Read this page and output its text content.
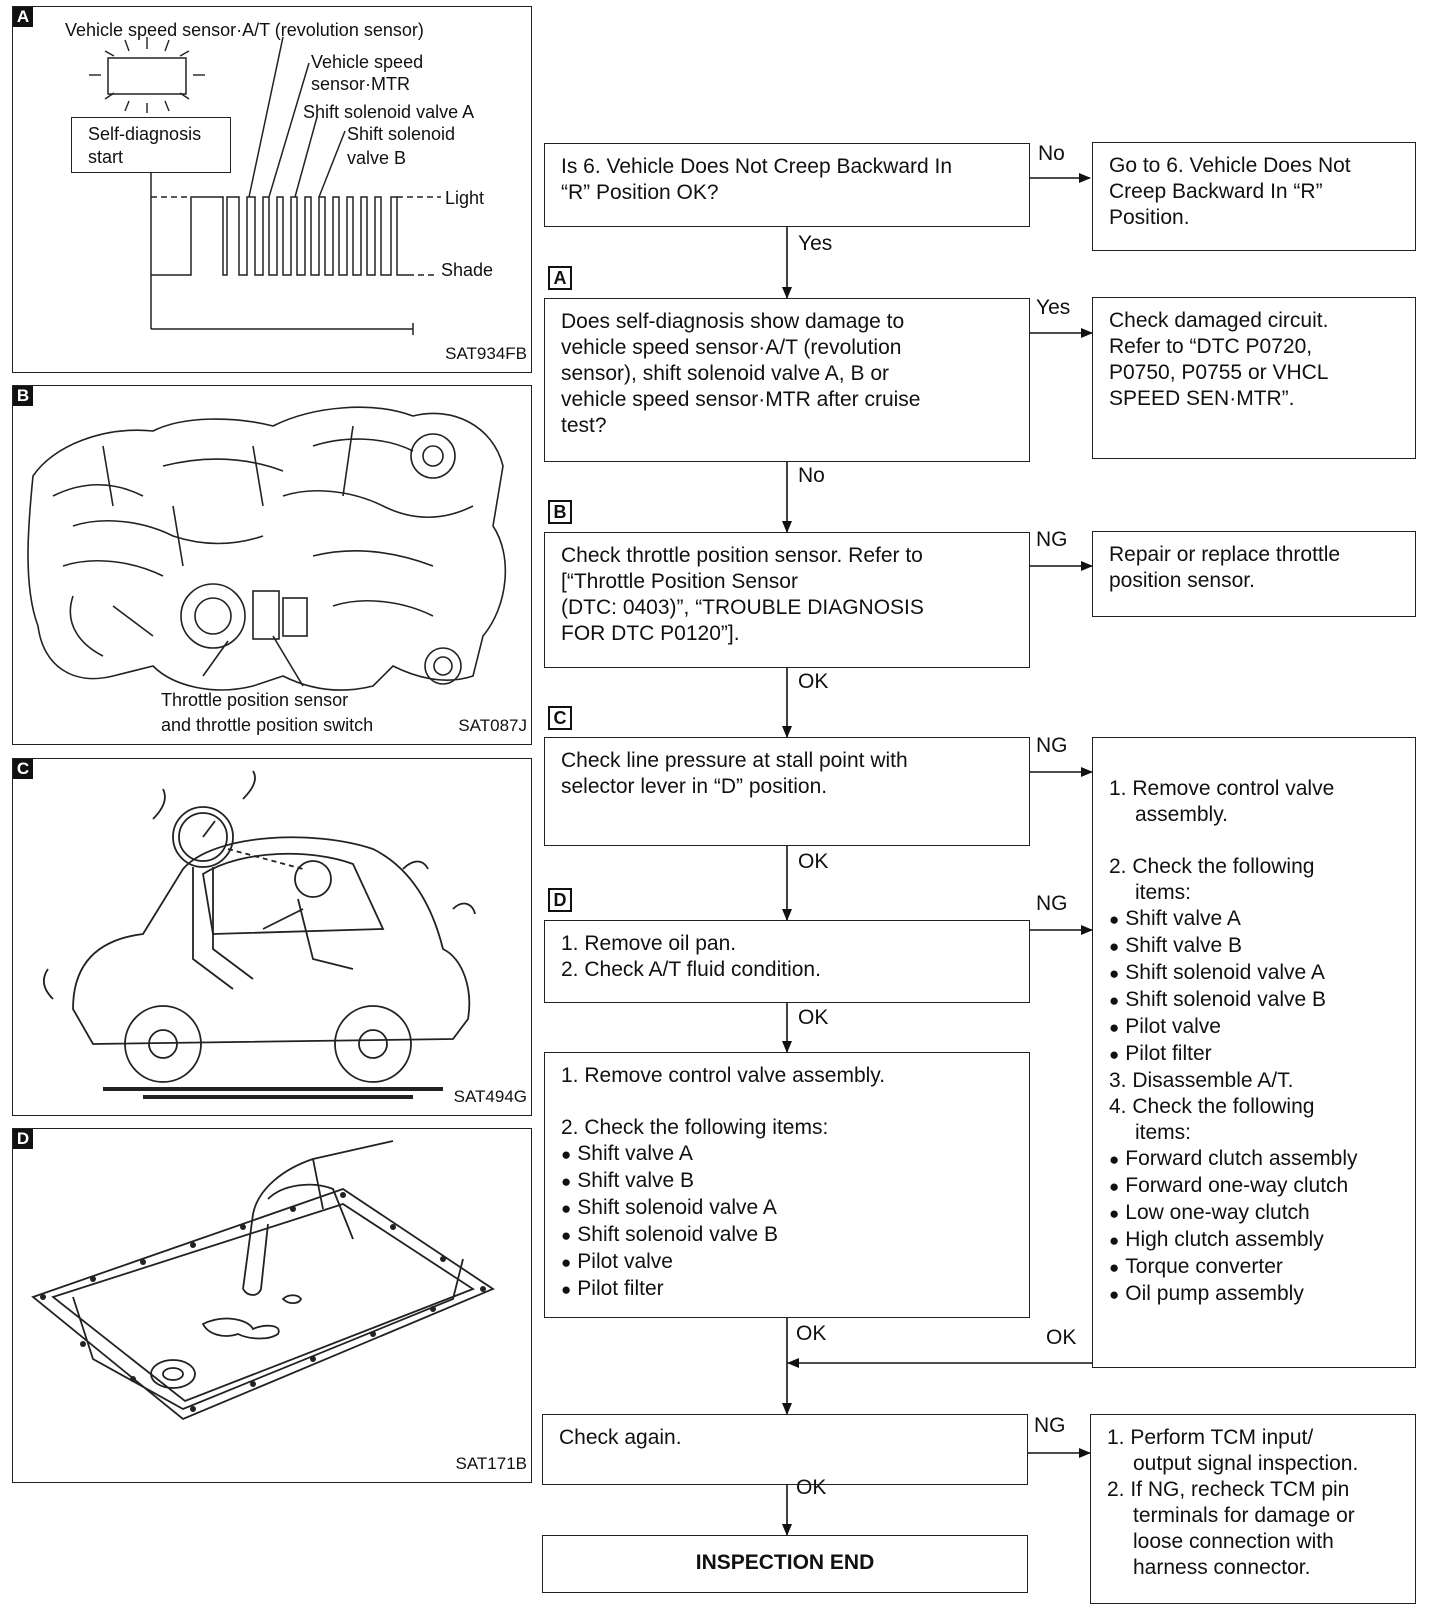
A
Vehicle speed sensor·A/T (revolution sensor)
Vehicle speed
sensor·MTR
Shift solenoid valve A
Shift solenoid
valve B
Self-diagnosis
start
Light
Shade
SAT934FB
B
Throttle position sensor
and throttle position switch	SAT087J
C
SAT494G
D
SAT171B

Is 6. Vehicle Does Not Creep Backward In

“R” Position OK?

Go to 6. Vehicle Does Not

Creep Backward In “R”

Position.

Does self-diagnosis show damage to

vehicle speed sensor·A/T (revolution

sensor), shift solenoid valve A, B or

vehicle speed sensor·MTR after cruise

test?

Check damaged circuit.

Refer to “DTC P0720,

P0750, P0755 or VHCL

SPEED SEN·MTR”.

Check throttle position sensor. Refer to

[“Throttle Position Sensor

(DTC: 0403)”, “TROUBLE DIAGNOSIS

FOR DTC P0120”].

Repair or replace throttle

position sensor.

Check line pressure at stall point with

selector lever in “D” position.

1. Remove oil pan.

2. Check A/T fluid condition.

1. Remove control valve assembly.

2. Check the following items:

● Shift valve A
● Shift valve B
● Shift solenoid valve A
● Shift solenoid valve B
● Pilot valve
● Pilot filter

1. Remove control valve

assembly.

2. Check the following

items:

● Shift valve A
● Shift valve B
● Shift solenoid valve A
● Shift solenoid valve B
● Pilot valve
● Pilot filter

3. Disassemble A/T.

4. Check the following

items:

● Forward clutch assembly
● Forward one-way clutch
● Low one-way clutch
● High clutch assembly
● Torque converter
● Oil pump assembly

Check again.	1. Perform TCM input/

output signal inspection.

2. If NG, recheck TCM pin

terminals for damage or

loose connection with

harness connector.

INSPECTION END

A
B
C
D
No
Yes
Yes
No
NG
OK
NG
OK
NG
OK
OK	OK
NG
OK
